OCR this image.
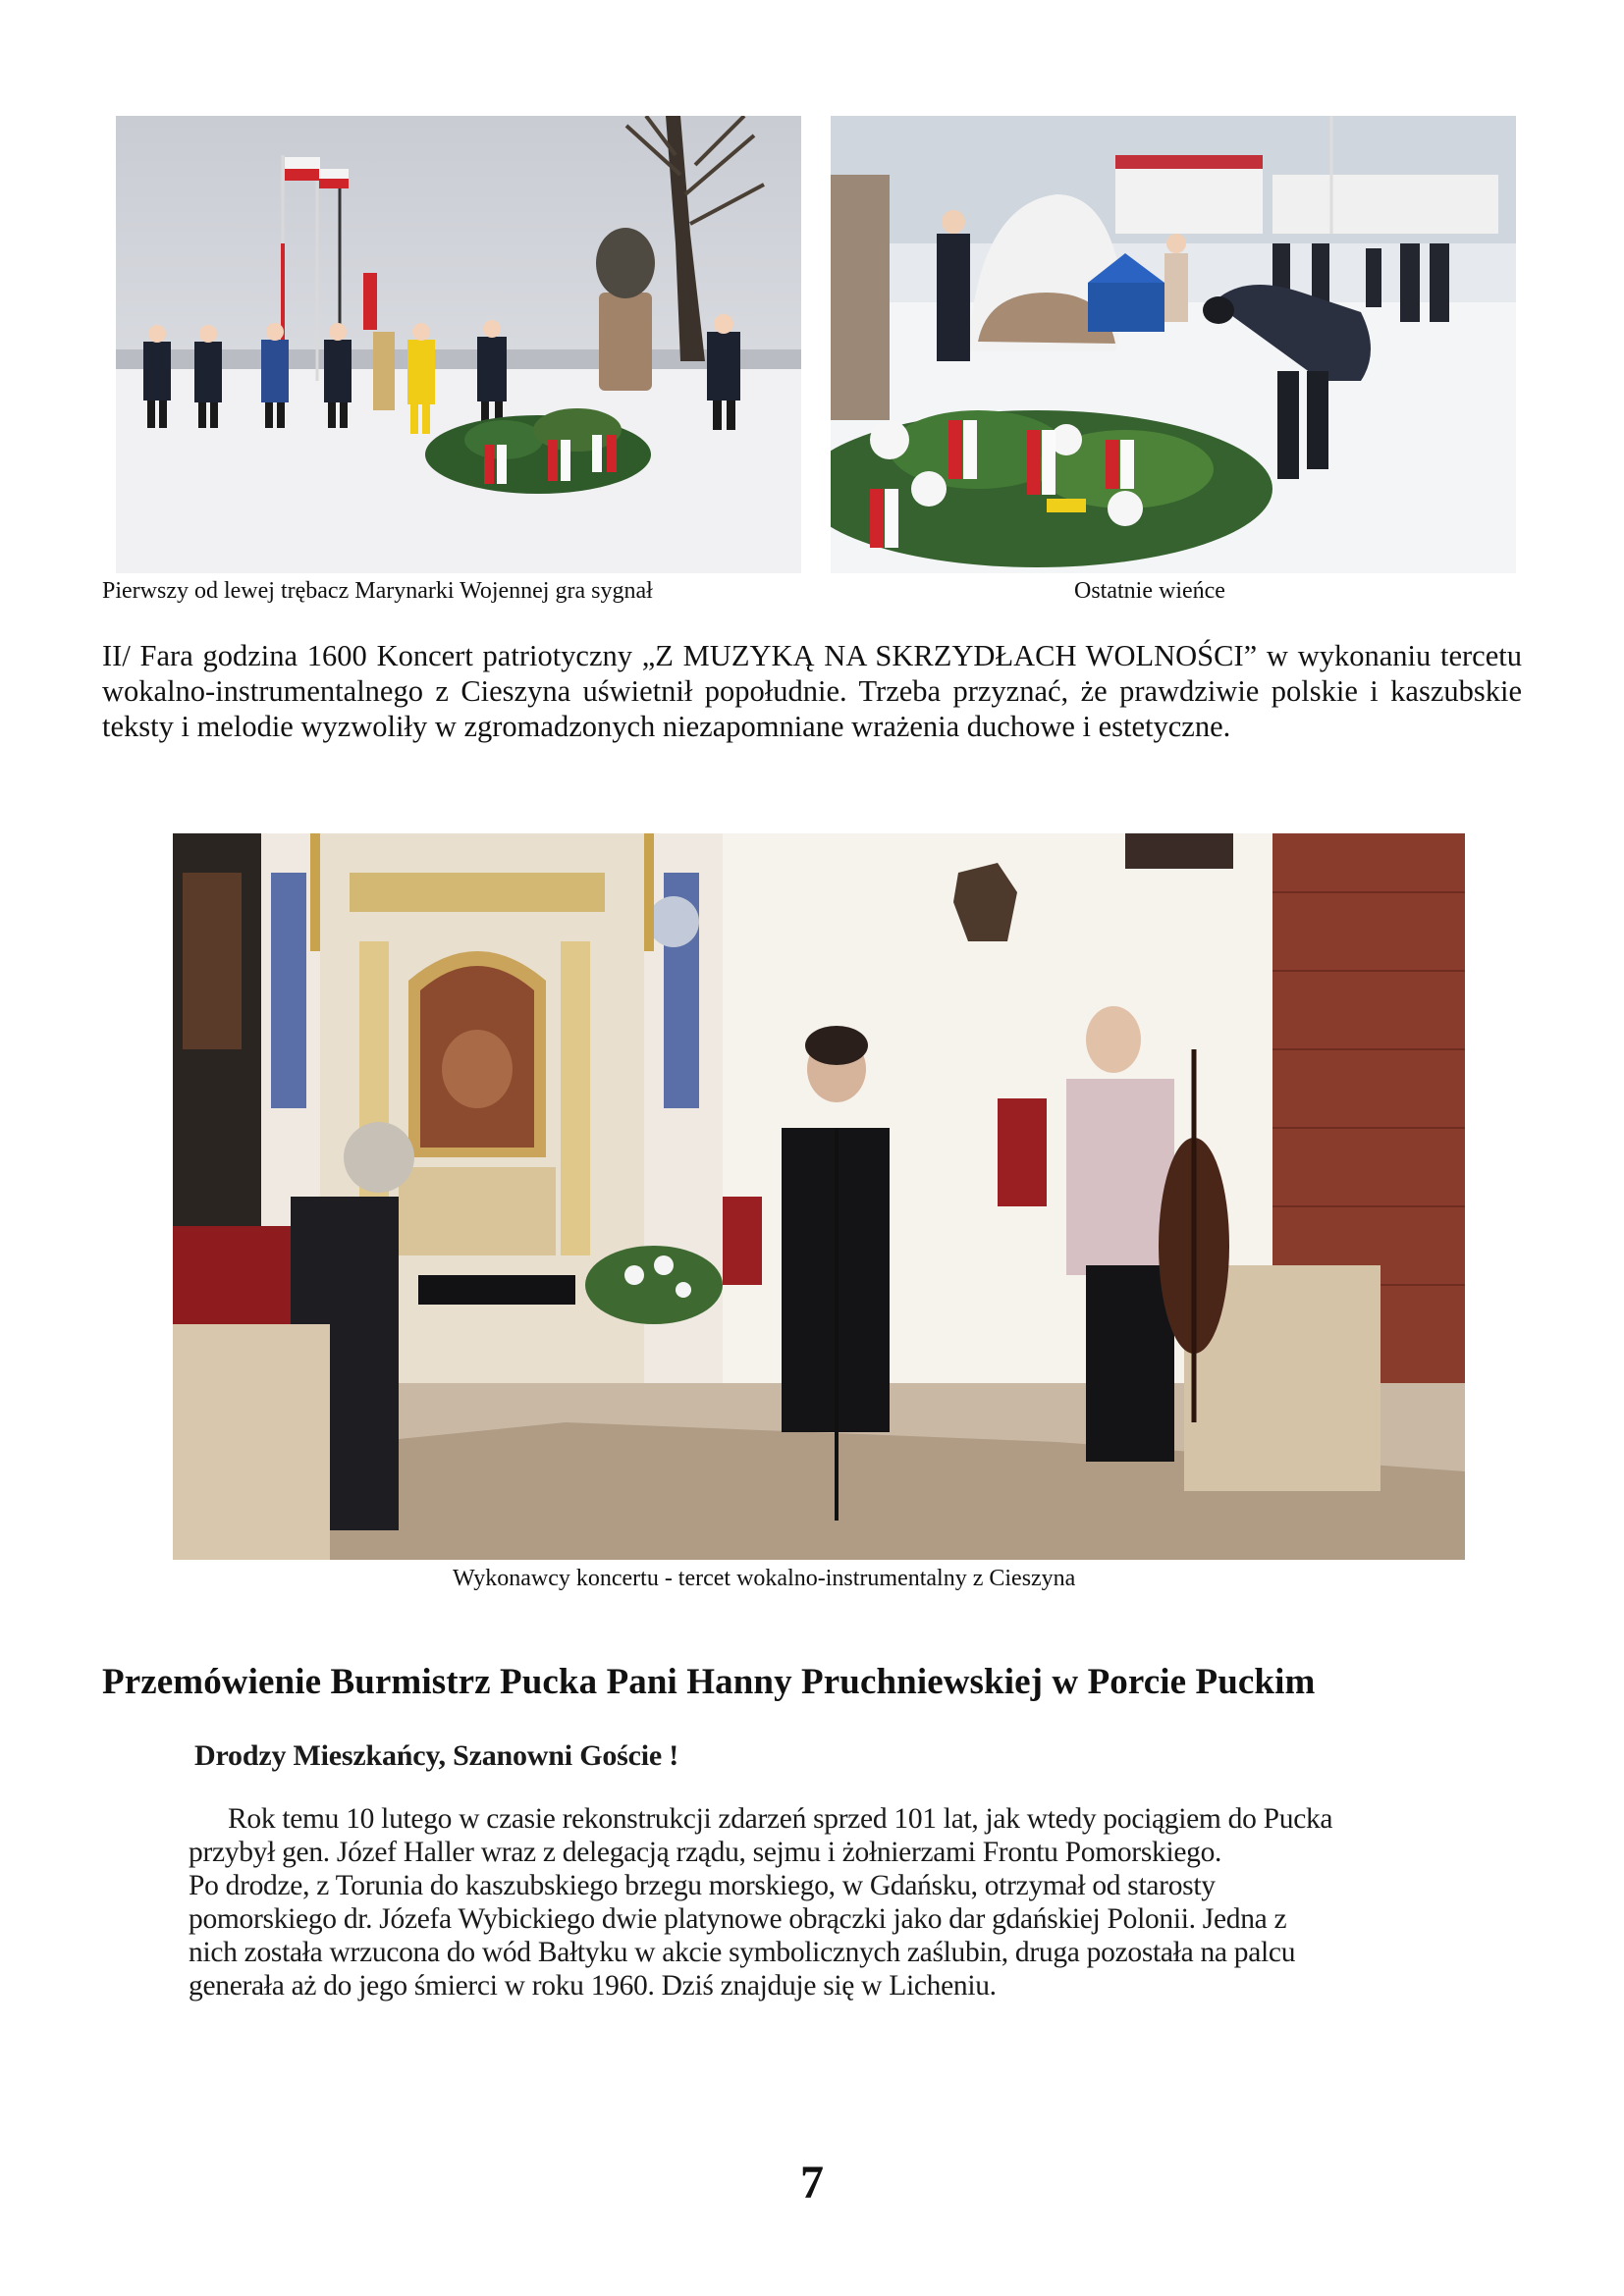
Pierwszy od lewej trębacz Marynarki Wojennej gra sygnał	Ostatnie wieńce

II/ Fara godzina 1600 Koncert patriotyczny „Z MUZYKĄ NA SKRZYDŁACH WOLNOŚCI” w wykonaniu tercetu wokalno-instrumentalnego z Cieszyna uświetnił popołudnie. Trzeba przyznać, że prawdziwie polskie i kaszubskie teksty i melodie wyzwoliły w zgromadzonych niezapomniane wrażenia duchowe i estetyczne.

Wykonawcy koncertu - tercet wokalno-instrumentalny z Cieszyna
Przemówienie Burmistrz Pucka Pani Hanny Pruchniewskiej w Porcie Puckim
Drodzy Mieszkańcy, Szanowni Goście !
Rok temu 10 lutego w czasie rekonstrukcji zdarzeń sprzed 101 lat, jak wtedy pociągiem do Pucka
przybył gen. Józef Haller wraz z delegacją rządu, sejmu i żołnierzami Frontu Pomorskiego.
Po drodze, z Torunia do kaszubskiego brzegu morskiego, w Gdańsku, otrzymał od starosty
pomorskiego dr. Józefa Wybickiego dwie platynowe obrączki jako dar gdańskiej Polonii. Jedna z
nich została wrzucona do wód Bałtyku w akcie symbolicznych zaślubin, druga pozostała na palcu
generała aż do jego śmierci w roku 1960. Dziś znajduje się w Licheniu.
7
